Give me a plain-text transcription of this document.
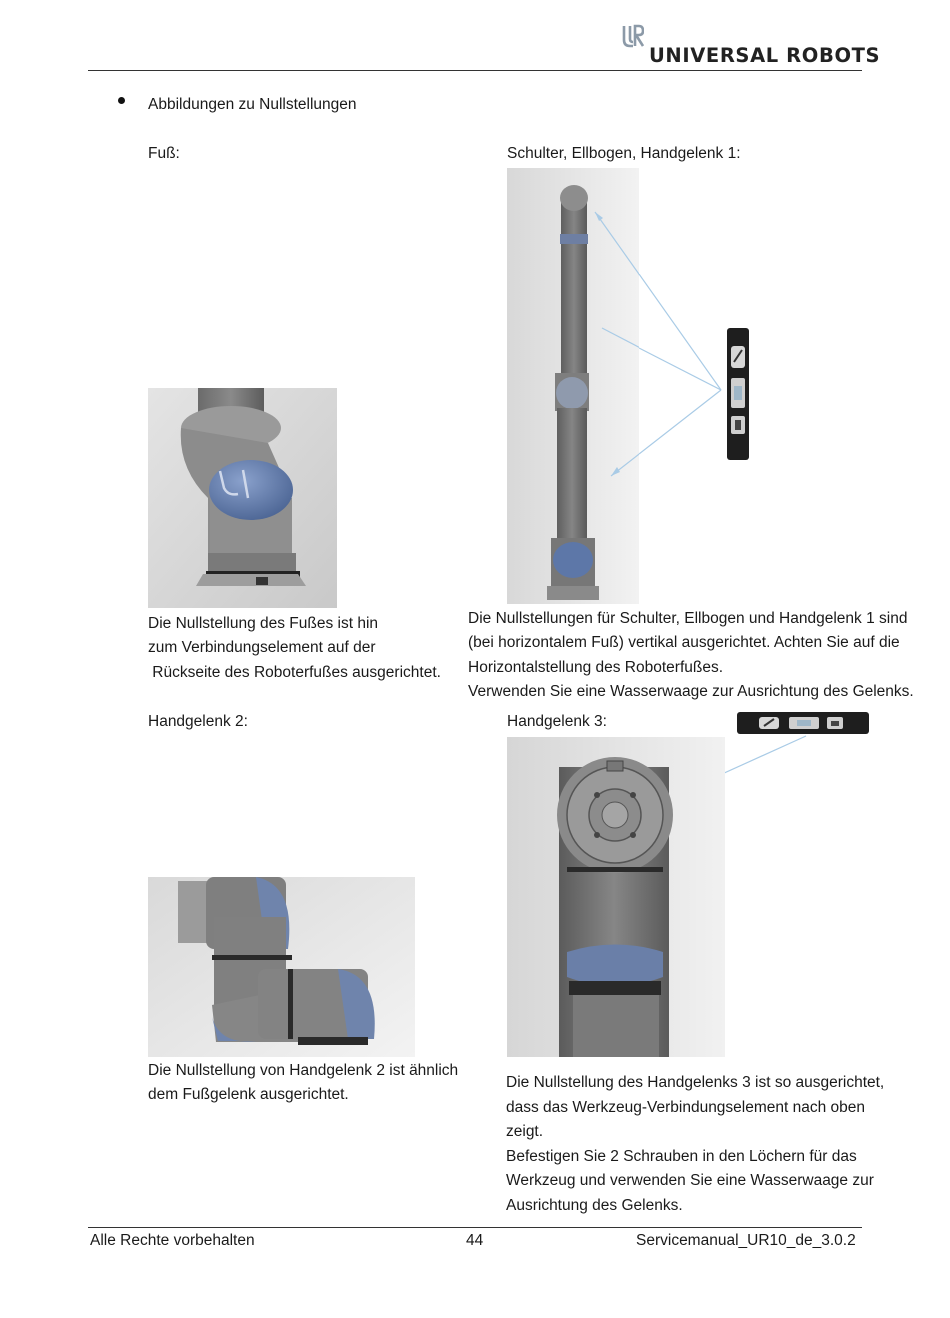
UNIVERSAL ROBOTS
Abbildungen zu Nullstellungen
Fuß:	Schulter, Ellbogen, Handgelenk 1:
Die Nullstellung des Fußes ist hin
zum Verbindungselement auf der
Rückseite des Roboterfußes ausgerichtet.
Die Nullstellungen für Schulter, Ellbogen und Handgelenk 1 sind
(bei horizontalem Fuß) vertikal ausgerichtet. Achten Sie auf die
Horizontalstellung des Roboterfußes.
Verwenden Sie eine Wasserwaage zur Ausrichtung des Gelenks.
Handgelenk 2:	Handgelenk 3:
Die Nullstellung von Handgelenk 2 ist ähnlich
dem Fußgelenk ausgerichtet.
Die Nullstellung des Handgelenks 3 ist so ausgerichtet,
dass das Werkzeug-Verbindungselement nach oben
zeigt.
Befestigen Sie 2 Schrauben in den Löchern für das
Werkzeug und verwenden Sie eine Wasserwaage zur
Ausrichtung des Gelenks.
Alle Rechte vorbehalten	44	Servicemanual_UR10_de_3.0.2
